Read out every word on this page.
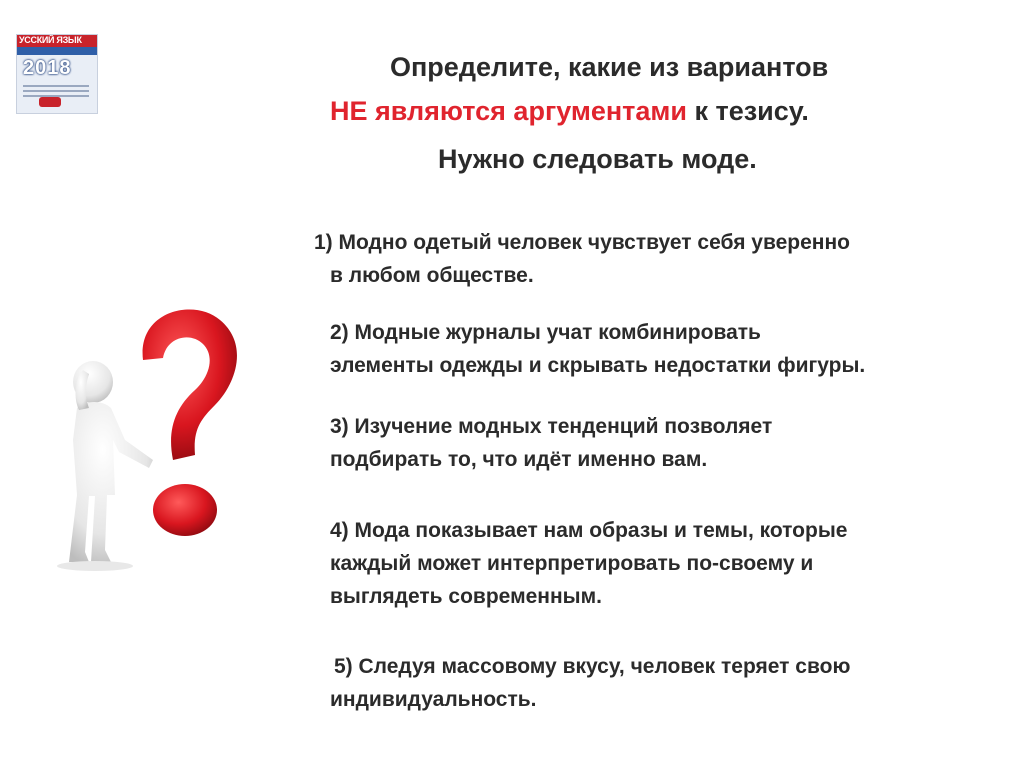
УССКИЙ ЯЗЫК
2018	Определите, какие из вариантов
НЕ являются аргументами к тезису.
Нужно следовать моде.
1) Модно одетый человек чувствует себя уверенно
в любом обществе.
2) Модные журналы учат комбинировать
элементы одежды и скрывать недостатки фигуры.
3) Изучение модных тенденций позволяет
подбирать то, что идёт именно вам.
4) Мода показывает нам образы и темы, которые
каждый может интерпретировать по-своему и
выглядеть современным.
5) Следуя массовому вкусу, человек теряет свою
индивидуальность.
